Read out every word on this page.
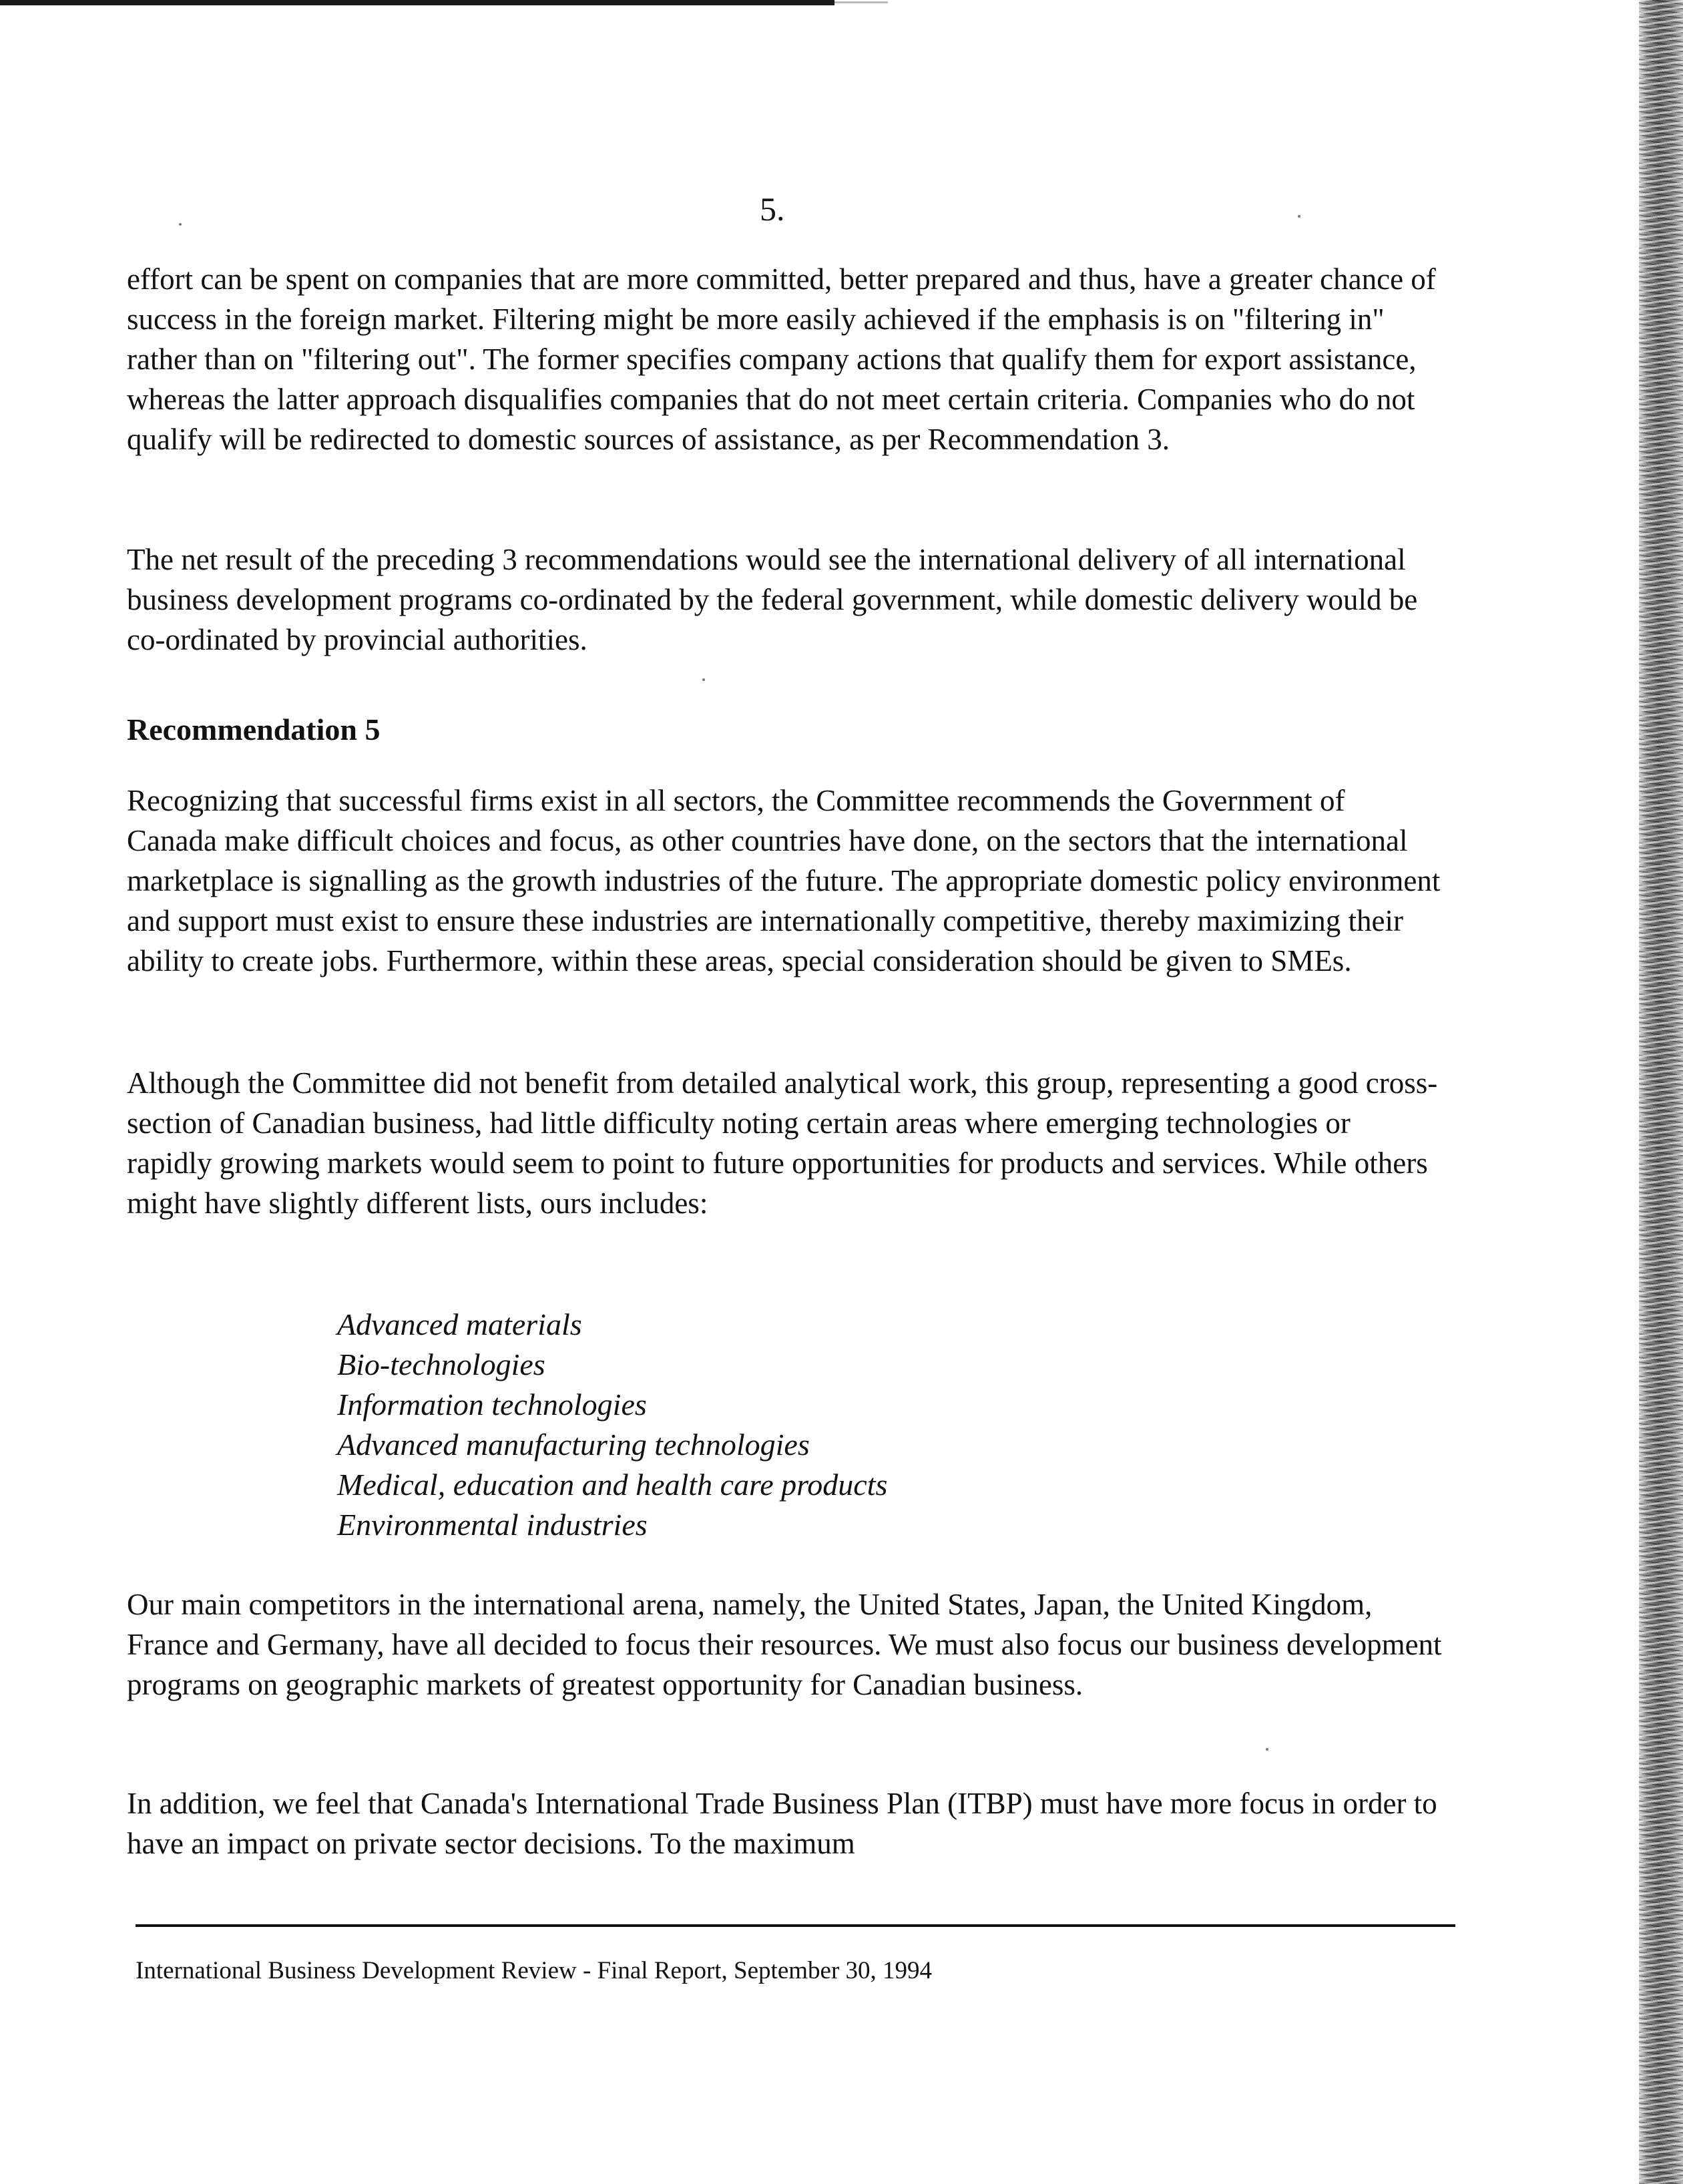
5.

effort can be spent on companies that are more committed, better prepared and thus, have a greater chance of success in the foreign market. Filtering might be more easily achieved if the emphasis is on "filtering in" rather than on "filtering out". The former specifies company actions that qualify them for export assistance, whereas the latter approach disqualifies companies that do not meet certain criteria. Companies who do not qualify will be redirected to domestic sources of assistance, as per Recommendation 3.

The net result of the preceding 3 recommendations would see the international delivery of all international business development programs co-ordinated by the federal government, while domestic delivery would be co-ordinated by provincial authorities.

Recommendation 5

Recognizing that successful firms exist in all sectors, the Committee recommends the Government of Canada make difficult choices and focus, as other countries have done, on the sectors that the international marketplace is signalling as the growth industries of the future. The appropriate domestic policy environment and support must exist to ensure these industries are internationally competitive, thereby maximizing their ability to create jobs. Furthermore, within these areas, special consideration should be given to SMEs.

Although the Committee did not benefit from detailed analytical work, this group, representing a good cross-section of Canadian business, had little difficulty noting certain areas where emerging technologies or rapidly growing markets would seem to point to future opportunities for products and services. While others might have slightly different lists, ours includes:

Advanced materials
Bio-technologies
Information technologies
Advanced manufacturing technologies
Medical, education and health care products
Environmental industries

Our main competitors in the international arena, namely, the United States, Japan, the United Kingdom, France and Germany, have all decided to focus their resources. We must also focus our business development programs on geographic markets of greatest opportunity for Canadian business.

In addition, we feel that Canada's International Trade Business Plan (ITBP) must have more focus in order to have an impact on private sector decisions. To the maximum

International Business Development Review - Final Report, September 30, 1994
